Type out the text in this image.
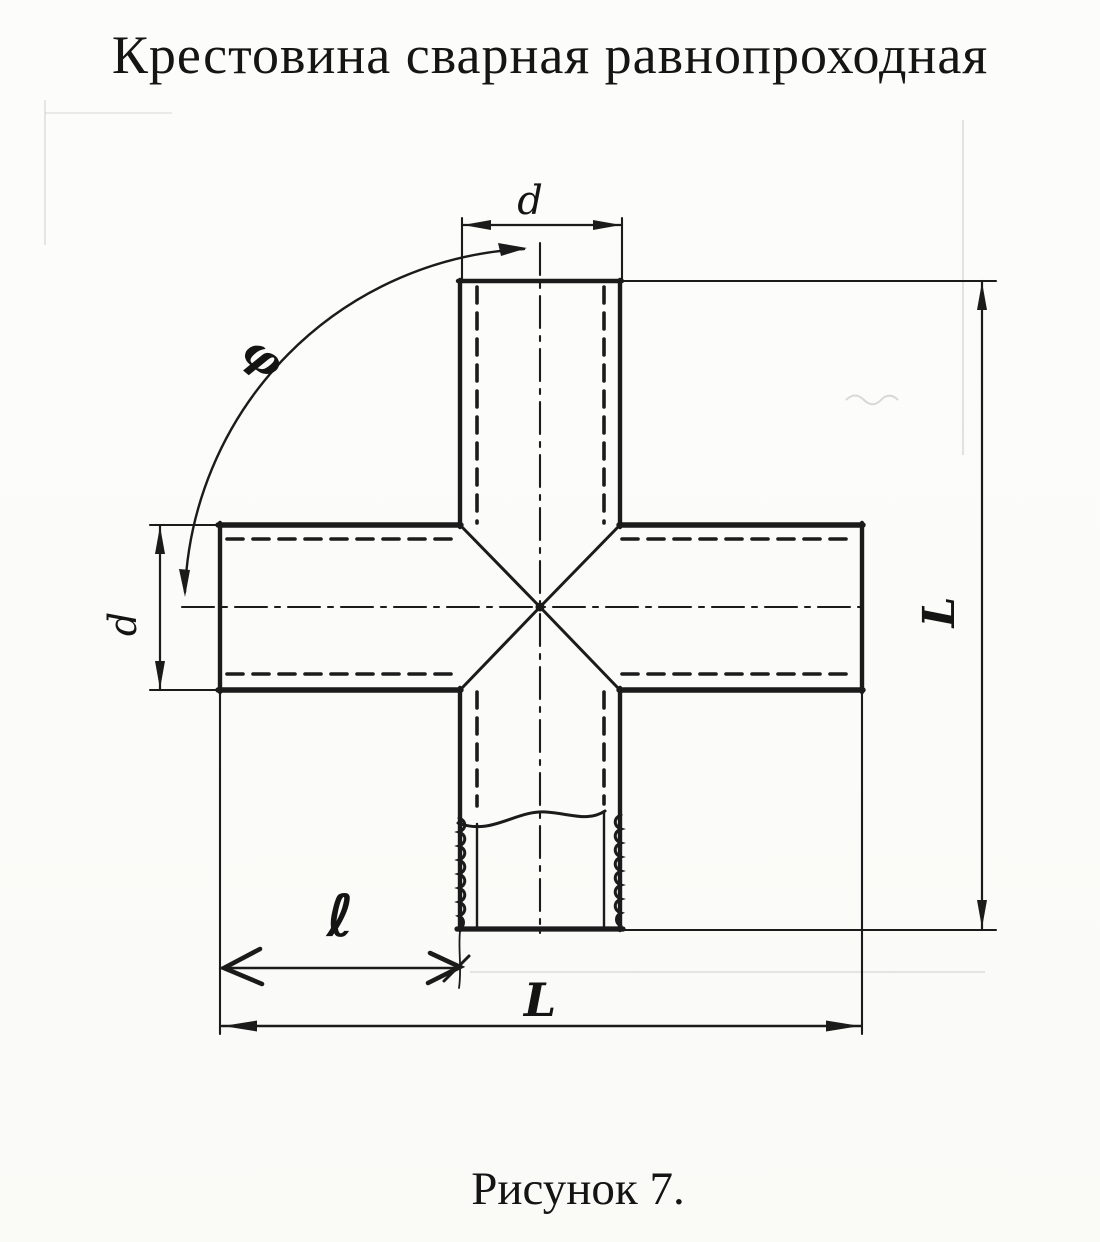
Крестовина сварная равнопроходная
d
d
φ
L
ℓ
L
Рисунок 7.
